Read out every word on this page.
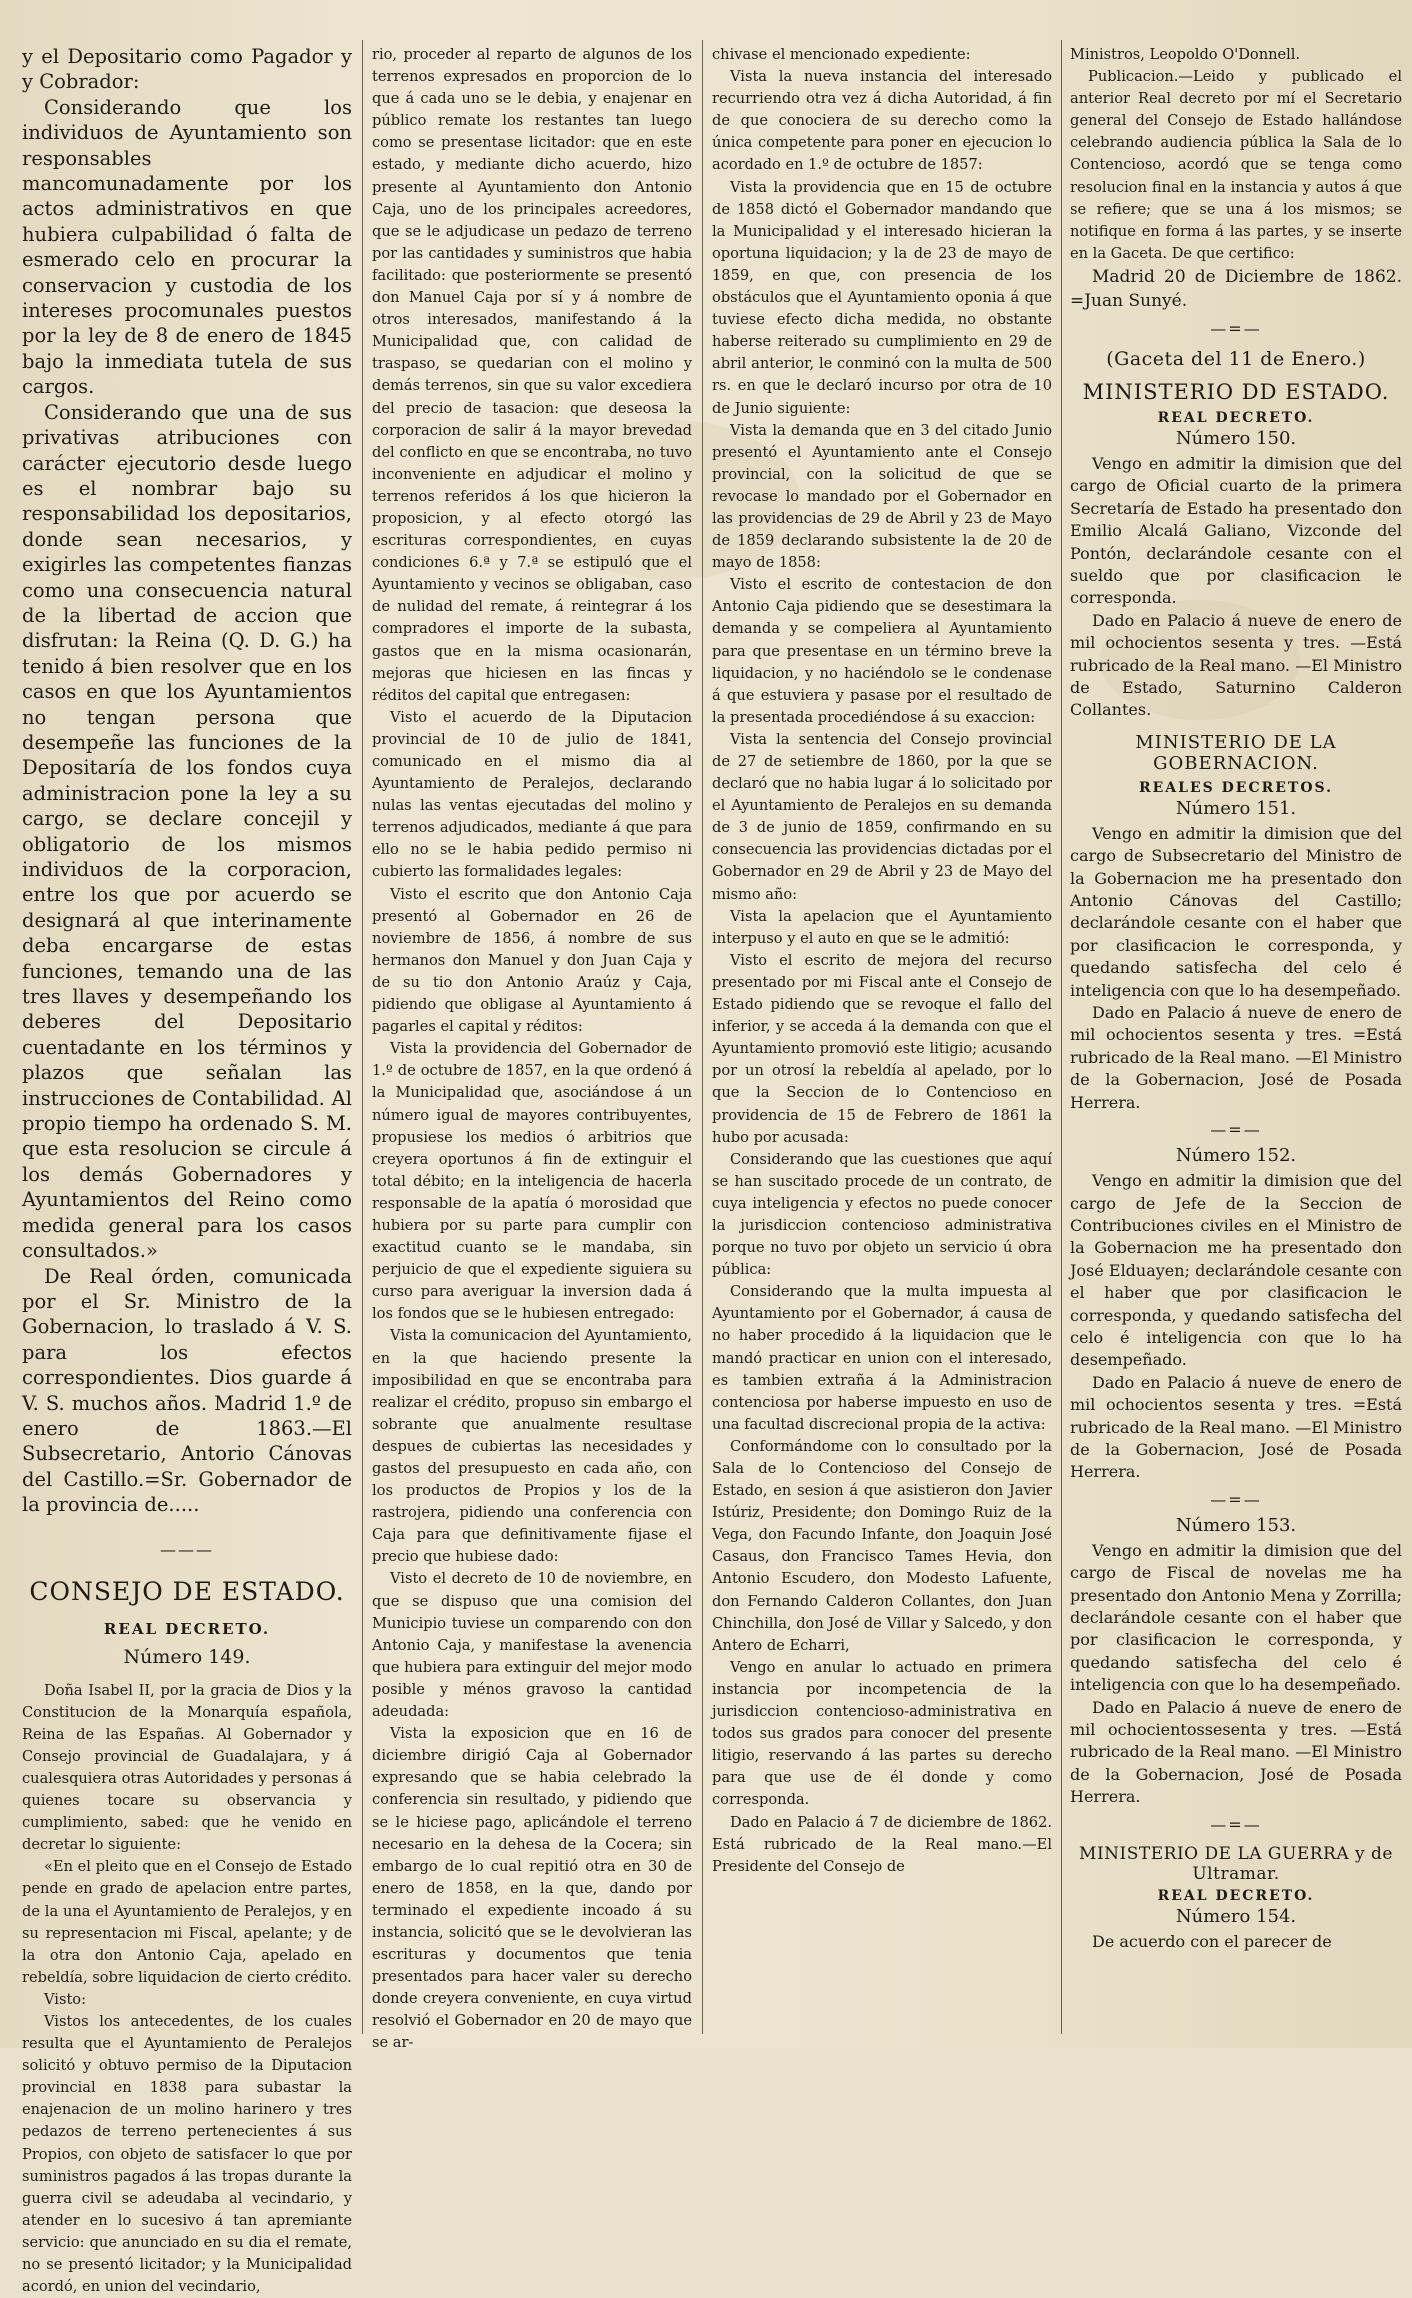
y el Depositario como Pagador y y Cobrador:

Considerando que los individuos de Ayuntamiento son responsables mancomunadamente por los actos administrativos en que hubiera culpabilidad ó falta de esmerado celo en procurar la conservacion y custodia de los intereses procomunales puestos por la ley de 8 de enero de 1845 bajo la inmediata tutela de sus cargos.

Considerando que una de sus privativas atribuciones con carácter ejecutorio desde luego es el nombrar bajo su responsabilidad los depositarios, donde sean necesarios, y exigirles las competentes fianzas como una consecuencia natural de la libertad de accion que disfrutan: la Reina (Q. D. G.) ha tenido á bien resolver que en los casos en que los Ayuntamientos no tengan persona que desempeñe las funciones de la Depositaría de los fondos cuya administracion pone la ley a su cargo, se declare concejil y obligatorio de los mismos individuos de la corporacion, entre los que por acuerdo se designará al que interinamente deba encargarse de estas funciones, temando una de las tres llaves y desempeñando los deberes del Depositario cuentadante en los términos y plazos que señalan las instrucciones de Contabilidad. Al propio tiempo ha ordenado S. M. que esta resolucion se circule á los demás Gobernadores y Ayuntamientos del Reino como medida general para los casos consultados.»

De Real órden, comunicada por el Sr. Ministro de la Gobernacion, lo traslado á V. S. para los efectos correspondientes. Dios guarde á V. S. muchos años. Madrid 1.º de enero de 1863.—El Subsecretario, Antorio Cánovas del Castillo.=Sr. Gobernador de la provincia de.....

———
CONSEJO DE ESTADO.
REAL DECRETO.
Número 149.

Doña Isabel II, por la gracia de Dios y la Constitucion de la Monarquía española, Reina de las Españas. Al Gobernador y Consejo provincial de Guadalajara, y á cualesquiera otras Autoridades y personas á quienes tocare su observancia y cumplimiento, sabed: que he venido en decretar lo siguiente:

«En el pleito que en el Consejo de Estado pende en grado de apelacion entre partes, de la una el Ayuntamiento de Peralejos, y en su representacion mi Fiscal, apelante; y de la otra don Antonio Caja, apelado en rebeldía, sobre liquidacion de cierto crédito.

Visto:

Vistos los antecedentes, de los cuales resulta que el Ayuntamiento de Peralejos solicitó y obtuvo permiso de la Diputacion provincial en 1838 para subastar la enajenacion de un molino harinero y tres pedazos de terreno pertenecientes á sus Propios, con objeto de satisfacer lo que por suministros pagados á las tropas durante la guerra civil se adeudaba al vecindario, y atender en lo sucesivo á tan apremiante servicio: que anunciado en su dia el remate, no se presentó licitador; y la Municipalidad acordó, en union del vecindario,

rio, proceder al reparto de algunos de los terrenos expresados en proporcion de lo que á cada uno se le debia, y enajenar en público remate los restantes tan luego como se presentase licitador: que en este estado, y mediante dicho acuerdo, hizo presente al Ayuntamiento don Antonio Caja, uno de los principales acreedores, que se le adjudicase un pedazo de terreno por las cantidades y suministros que habia facilitado: que posteriormente se presentó don Manuel Caja por sí y á nombre de otros interesados, manifestando á la Municipalidad que, con calidad de traspaso, se quedarian con el molino y demás terrenos, sin que su valor excediera del precio de tasacion: que deseosa la corporacion de salir á la mayor brevedad del conflicto en que se encontraba, no tuvo inconveniente en adjudicar el molino y terrenos referidos á los que hicieron la proposicion, y al efecto otorgó las escrituras correspondientes, en cuyas condiciones 6.ª y 7.ª se estipuló que el Ayuntamiento y vecinos se obligaban, caso de nulidad del remate, á reintegrar á los compradores el importe de la subasta, gastos que en la misma ocasionarán, mejoras que hiciesen en las fincas y réditos del capital que entregasen:

Visto el acuerdo de la Diputacion provincial de 10 de julio de 1841, comunicado en el mismo dia al Ayuntamiento de Peralejos, declarando nulas las ventas ejecutadas del molino y terrenos adjudicados, mediante á que para ello no se le habia pedido permiso ni cubierto las formalidades legales:

Visto el escrito que don Antonio Caja presentó al Gobernador en 26 de noviembre de 1856, á nombre de sus hermanos don Manuel y don Juan Caja y de su tio don Antonio Araúz y Caja, pidiendo que obligase al Ayuntamiento á pagarles el capital y réditos:

Vista la providencia del Gobernador de 1.º de octubre de 1857, en la que ordenó á la Municipalidad que, asociándose á un número igual de mayores contribuyentes, propusiese los medios ó arbitrios que creyera oportunos á fin de extinguir el total débito; en la inteligencia de hacerla responsable de la apatía ó morosidad que hubiera por su parte para cumplir con exactitud cuanto se le mandaba, sin perjuicio de que el expediente siguiera su curso para averiguar la inversion dada á los fondos que se le hubiesen entregado:

Vista la comunicacion del Ayuntamiento, en la que haciendo presente la imposibilidad en que se encontraba para realizar el crédito, propuso sin embargo el sobrante que anualmente resultase despues de cubiertas las necesidades y gastos del presupuesto en cada año, con los productos de Propios y los de la rastrojera, pidiendo una conferencia con Caja para que definitivamente fijase el precio que hubiese dado:

Visto el decreto de 10 de noviembre, en que se dispuso que una comision del Municipio tuviese un comparendo con don Antonio Caja, y manifestase la avenencia que hubiera para extinguir del mejor modo posible y ménos gravoso la cantidad adeudada:

Vista la exposicion que en 16 de diciembre dirigió Caja al Gobernador expresando que se habia celebrado la conferencia sin resultado, y pidiendo que se le hiciese pago, aplicándole el terreno necesario en la dehesa de la Cocera; sin embargo de lo cual repitió otra en 30 de enero de 1858, en la que, dando por terminado el expediente incoado á su instancia, solicitó que se le devolvieran las escrituras y documentos que tenia presentados para hacer valer su derecho donde creyera conveniente, en cuya virtud resolvió el Gobernador en 20 de mayo que se ar-

chivase el mencionado expediente:

Vista la nueva instancia del interesado recurriendo otra vez á dicha Autoridad, á fin de que conociera de su derecho como la única competente para poner en ejecucion lo acordado en 1.º de octubre de 1857:

Vista la providencia que en 15 de octubre de 1858 dictó el Gobernador mandando que la Municipalidad y el interesado hicieran la oportuna liquidacion; y la de 23 de mayo de 1859, en que, con presencia de los obstáculos que el Ayuntamiento oponia á que tuviese efecto dicha medida, no obstante haberse reiterado su cumplimiento en 29 de abril anterior, le conminó con la multa de 500 rs. en que le declaró incurso por otra de 10 de Junio siguiente:

Vista la demanda que en 3 del citado Junio presentó el Ayuntamiento ante el Consejo provincial, con la solicitud de que se revocase lo mandado por el Gobernador en las providencias de 29 de Abril y 23 de Mayo de 1859 declarando subsistente la de 20 de mayo de 1858:

Visto el escrito de contestacion de don Antonio Caja pidiendo que se desestimara la demanda y se compeliera al Ayuntamiento para que presentase en un término breve la liquidacion, y no haciéndolo se le condenase á que estuviera y pasase por el resultado de la presentada procediéndose á su exaccion:

Vista la sentencia del Consejo provincial de 27 de setiembre de 1860, por la que se declaró que no habia lugar á lo solicitado por el Ayuntamiento de Peralejos en su demanda de 3 de junio de 1859, confirmando en su consecuencia las providencias dictadas por el Gobernador en 29 de Abril y 23 de Mayo del mismo año:

Vista la apelacion que el Ayuntamiento interpuso y el auto en que se le admitió:

Visto el escrito de mejora del recurso presentado por mi Fiscal ante el Consejo de Estado pidiendo que se revoque el fallo del inferior, y se acceda á la demanda con que el Ayuntamiento promovió este litigio; acusando por un otrosí la rebeldía al apelado, por lo que la Seccion de lo Contencioso en providencia de 15 de Febrero de 1861 la hubo por acusada:

Considerando que las cuestiones que aquí se han suscitado procede de un contrato, de cuya inteligencia y efectos no puede conocer la jurisdiccion contencioso administrativa porque no tuvo por objeto un servicio ú obra pública:

Considerando que la multa impuesta al Ayuntamiento por el Gobernador, á causa de no haber procedido á la liquidacion que le mandó practicar en union con el interesado, es tambien extraña á la Administracion contenciosa por haberse impuesto en uso de una facultad discrecional propia de la activa:

Conformándome con lo consultado por la Sala de lo Contencioso del Consejo de Estado, en sesion á que asistieron don Javier Istúriz, Presidente; don Domingo Ruiz de la Vega, don Facundo Infante, don Joaquin José Casaus, don Francisco Tames Hevia, don Antonio Escudero, don Modesto Lafuente, don Fernando Calderon Collantes, don Juan Chinchilla, don José de Villar y Salcedo, y don Antero de Echarri,

Vengo en anular lo actuado en primera instancia por incompetencia de la jurisdiccion contencioso-administrativa en todos sus grados para conocer del presente litigio, reservando á las partes su derecho para que use de él donde y como corresponda.

Dado en Palacio á 7 de diciembre de 1862. Está rubricado de la Real mano.—El Presidente del Consejo de

Ministros, Leopoldo O'Donnell.

Publicacion.—Leido y publicado el anterior Real decreto por mí el Secretario general del Consejo de Estado hallándose celebrando audiencia pública la Sala de lo Contencioso, acordó que se tenga como resolucion final en la instancia y autos á que se refiere; que se una á los mismos; se notifique en forma á las partes, y se inserte en la Gaceta. De que certifico:

Madrid 20 de Diciembre de 1862. =Juan Sunyé.

—=—
(Gaceta del 11 de Enero.)
MINISTERIO DD ESTADO.
REAL DECRETO.
Número 150.

Vengo en admitir la dimision que del cargo de Oficial cuarto de la primera Secretaría de Estado ha presentado don Emilio Alcalá Galiano, Vizconde del Pontón, declarándole cesante con el sueldo que por clasificacion le corresponda.

Dado en Palacio á nueve de enero de mil ochocientos sesenta y tres. —Está rubricado de la Real mano. —El Ministro de Estado, Saturnino Calderon Collantes.

MINISTERIO DE LA GOBERNACION.
REALES DECRETOS.
Número 151.

Vengo en admitir la dimision que del cargo de Subsecretario del Ministro de la Gobernacion me ha presentado don Antonio Cánovas del Castillo; declarándole cesante con el haber que por clasificacion le corresponda, y quedando satisfecha del celo é inteligencia con que lo ha desempeñado.

Dado en Palacio á nueve de enero de mil ochocientos sesenta y tres. =Está rubricado de la Real mano. —El Ministro de la Gobernacion, José de Posada Herrera.

—=—
Número 152.

Vengo en admitir la dimision que del cargo de Jefe de la Seccion de Contribuciones civiles en el Ministro de la Gobernacion me ha presentado don José Elduayen; declarándole cesante con el haber que por clasificacion le corresponda, y quedando satisfecha del celo é inteligencia con que lo ha desempeñado.

Dado en Palacio á nueve de enero de mil ochocientos sesenta y tres. =Está rubricado de la Real mano. —El Ministro de la Gobernacion, José de Posada Herrera.

—=—
Número 153.

Vengo en admitir la dimision que del cargo de Fiscal de novelas me ha presentado don Antonio Mena y Zorrilla; declarándole cesante con el haber que por clasificacion le corresponda, y quedando satisfecha del celo é inteligencia con que lo ha desempeñado.

Dado en Palacio á nueve de enero de mil ochocientossesenta y tres. —Está rubricado de la Real mano. —El Ministro de la Gobernacion, José de Posada Herrera.

—=—
MINISTERIO DE LA GUERRA y de Ultramar.
REAL DECRETO.
Número 154.

De acuerdo con el parecer de
